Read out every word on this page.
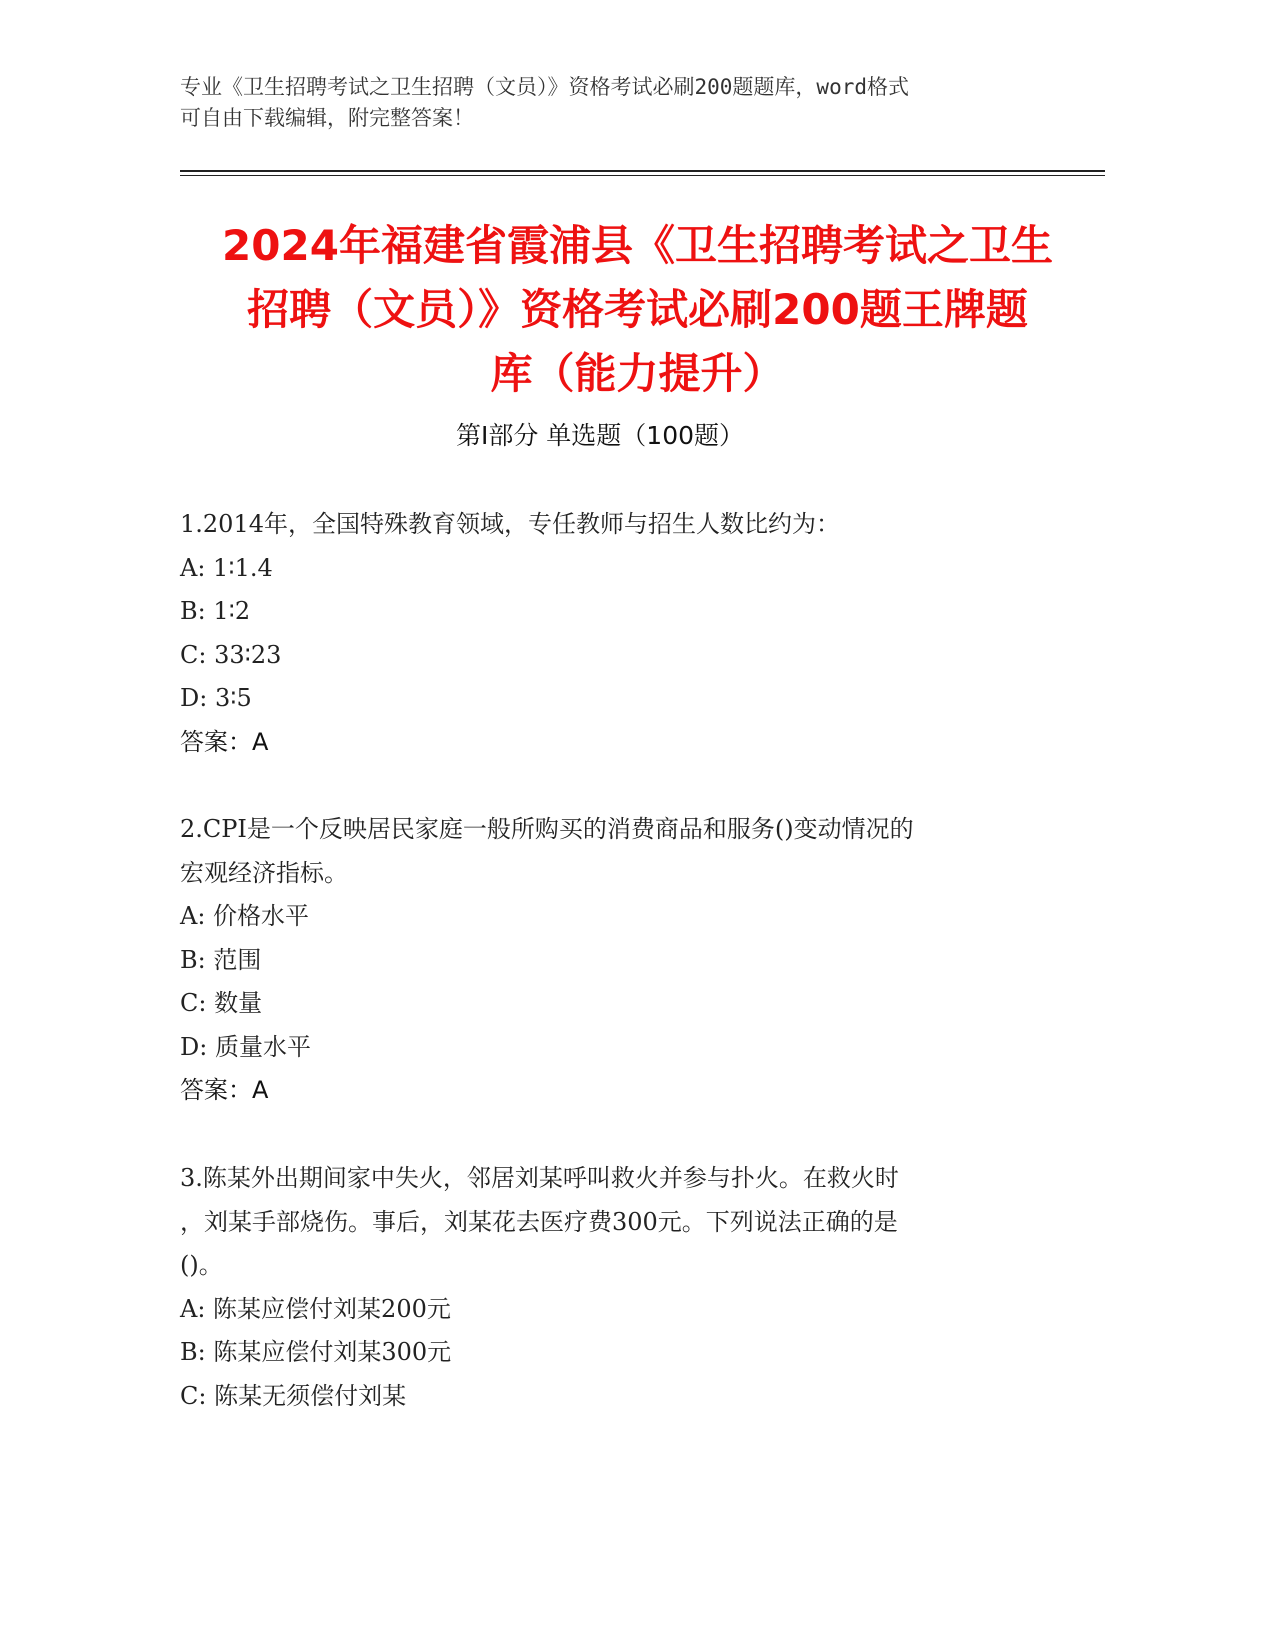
专业《卫生招聘考试之卫生招聘（文员）》资格考试必刷200题题库，word格式
可自由下载编辑，附完整答案！
2024年福建省霞浦县《卫生招聘考试之卫生
招聘（文员）》资格考试必刷200题王牌题
库（能力提升）
第Ⅰ部分 单选题（100题）
1.2014年，全国特殊教育领域，专任教师与招生人数比约为：
A: 1∶1.4
B: 1∶2
C: 33∶23
D: 3∶5
答案：A
2.CPI是一个反映居民家庭一般所购买的消费商品和服务()变动情况的
宏观经济指标。
A: 价格水平
B: 范围
C: 数量
D: 质量水平
答案：A
3.陈某外出期间家中失火，邻居刘某呼叫救火并参与扑火。在救火时
，刘某手部烧伤。事后，刘某花去医疗费300元。下列说法正确的是
()。
A: 陈某应偿付刘某200元
B: 陈某应偿付刘某300元
C: 陈某无须偿付刘某
